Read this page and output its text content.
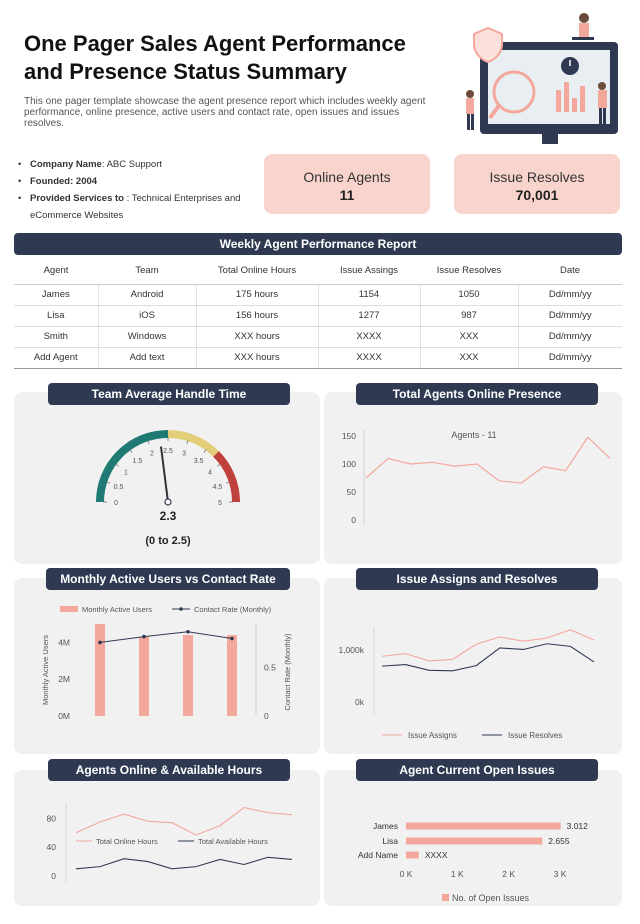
One Pager Sales Agent Performance
and Presence Status Summary

This one pager template showcase the agent presence report which includes weekly agent performance, online presence, active users and contact rate, open issues and issues resolves.

• Company Name: ABC Support
• Founded: 2004
• Provided Services to : Technical Enterprises and
eCommerce Websites
Online Agents
11
Issue Resolves
70,001
Weekly Agent Performance Report
Agent	Team	Total Online Hours	Issue Assings	Issue Resolves	Date
James	Android	175 hours	1154	1050	Dd/mm/yy
Lisa	iOS	156 hours	1277	987	Dd/mm/yy
Smith	Windows	XXX hours	XXXX	XXX	Dd/mm/yy
Add Agent	Add text	XXX hours	XXXX	XXX	Dd/mm/yy
Team Average Handle Time	Total Agents Online Presence
Monthly Active Users vs Contact Rate	Issue Assigns and Resolves
Agents Online & Available Hours	Agent Current Open Issues
0
0.5
1
1.5
2 2.5 3
3.5
4
4.5
5
2.3
(0 to 2.5)
0
50
100
150	Agents - 11
Monthly Active Users	Contact Rate (Monthly)
0M
2M
4M
Monthly Active Users
0
0.5 Contact Rate (Monthly)	0k
1,000k
Issue Assigns	Issue Resolves
0
40
80
Total Online Hours	Total Available Hours
James	3.012
Lisa	2.655
Add Name	XXXX
0 K	1 K	2 K	3 K
No. of Open Issues
